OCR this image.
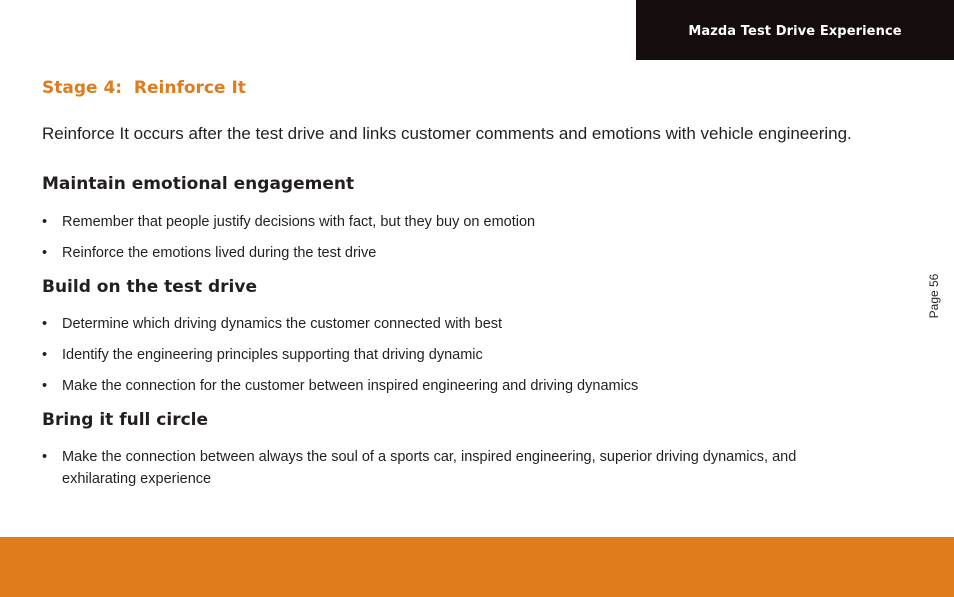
Mazda Test Drive Experience
Stage 4:  Reinforce It

Reinforce It occurs after the test drive and links customer comments and emotions with vehicle engineering.

Maintain emotional engagement
• Remember that people justify decisions with fact, but they buy on emotion
• Reinforce the emotions lived during the test drive
Build on the test drive
• Determine which driving dynamics the customer connected with best
• Identify the engineering principles supporting that driving dynamic
• Make the connection for the customer between inspired engineering and driving dynamics
Bring it full circle
• Make the connection between always the soul of a sports car, inspired engineering, superior driving dynamics, and exhilarating experience
Page 56
